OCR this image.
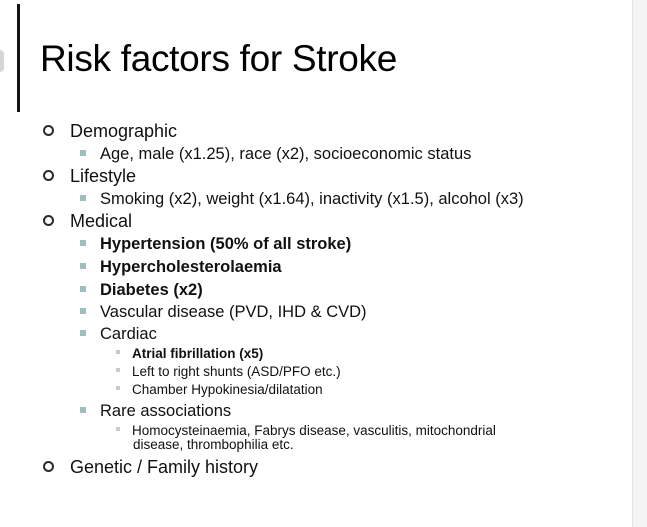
Risk factors for Stroke
Demographic
Age, male (x1.25), race (x2), socioeconomic status
Lifestyle
Smoking (x2), weight (x1.64), inactivity (x1.5), alcohol (x3)
Medical
Hypertension (50% of all stroke)
Hypercholesterolaemia
Diabetes (x2)
Vascular disease (PVD, IHD & CVD)
Cardiac
Atrial fibrillation (x5)
Left to right shunts (ASD/PFO etc.)
Chamber Hypokinesia/dilatation
Rare associations
Homocysteinaemia, Fabrys disease, vasculitis, mitochondrial
disease, thrombophilia etc.
Genetic / Family history
